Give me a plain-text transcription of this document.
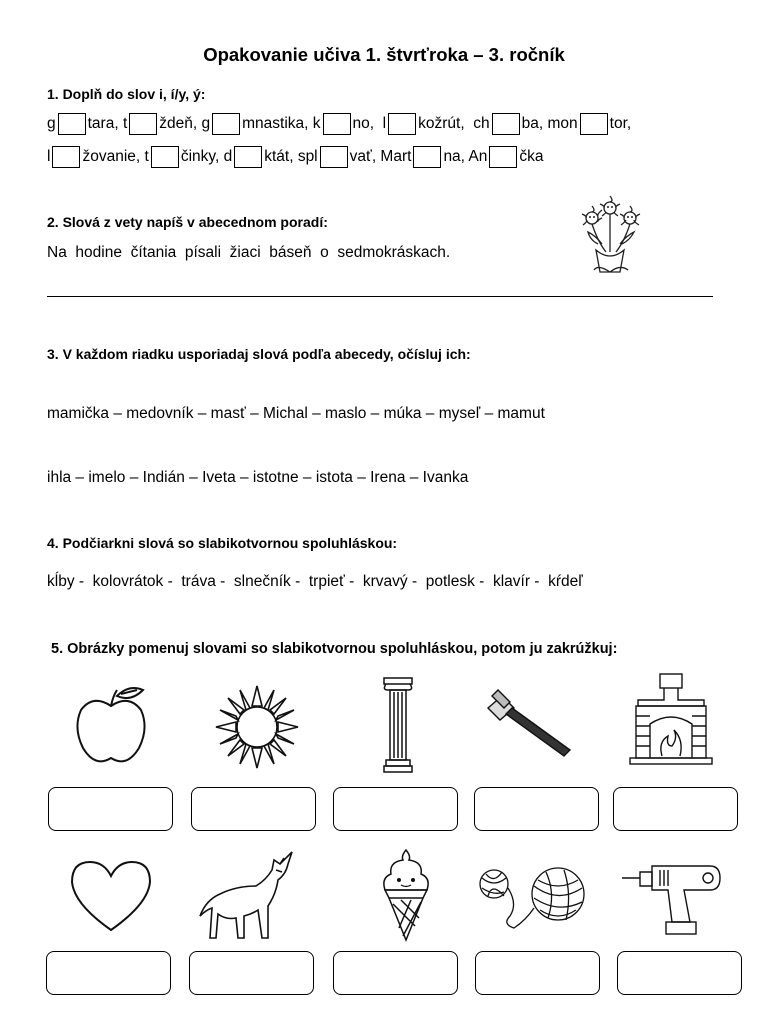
Opakovanie učiva 1. štvrťroka – 3. ročník
1. Doplň do slov i, í/y, ý:
g tara, t ždeň, g mnastika, k no,  l kožrút,  ch ba, mon tor,
l žovanie, t činky, d ktát, spl vať, Mart na, An čka
2. Slová z vety napíš v abecednom poradí:
Na  hodine  čítania  písali  žiaci  báseň  o  sedmokráskach.
3. V každom riadku usporiadaj slová podľa abecedy, očísluj ich:
mamička – medovník – masť – Michal – maslo – múka – myseľ – mamut
ihla – imelo – Indián – Iveta – istotne – istota – Irena – Ivanka
4. Podčiarkni slová so slabikotvornou spoluhláskou:
kĺby -  kolovrátok -  tráva -  slnečník -  trpieť -  krvavý -  potlesk -  klavír -  kŕdeľ
5. Obrázky pomenuj slovami so slabikotvornou spoluhláskou, potom ju zakrúžkuj:
